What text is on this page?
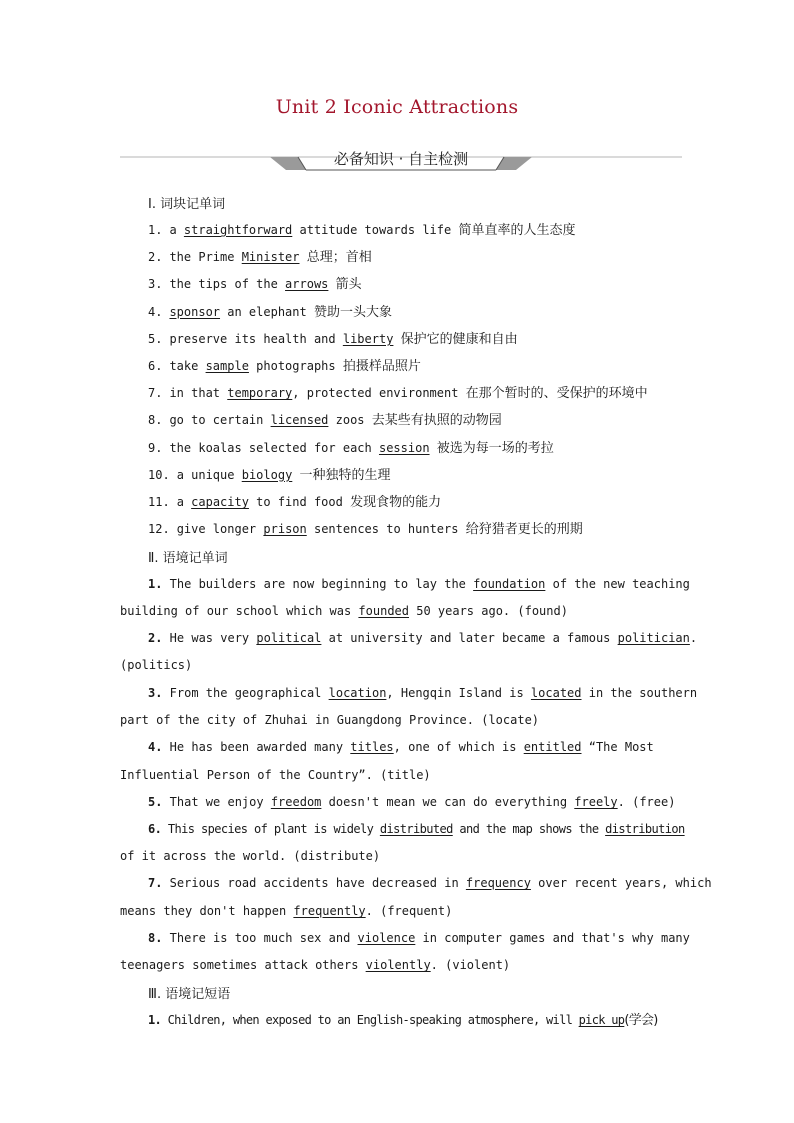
Unit 2 Iconic Attractions
必备知识 · 自主检测
Ⅰ. 词块记单词
1. a straightforward attitude towards life 简单直率的人生态度
2. the Prime Minister 总理；首相
3. the tips of the arrows 箭头
4. sponsor an elephant 赞助一头大象
5. preserve its health and liberty 保护它的健康和自由
6. take sample photographs 拍摄样品照片
7. in that temporary, protected environment 在那个暂时的、受保护的环境中
8. go to certain licensed zoos 去某些有执照的动物园
9. the koalas selected for each session 被选为每一场的考拉
10. a unique biology 一种独特的生理
11. a capacity to find food 发现食物的能力
12. give longer prison sentences to hunters 给狩猎者更长的刑期
Ⅱ. 语境记单词
1. The builders are now beginning to lay the foundation of the new teaching
building of our school which was founded 50 years ago. (found)
2. He was very political at university and later became a famous politician.
(politics)
3. From the geographical location, Hengqin Island is located in the southern
part of the city of Zhuhai in Guangdong Province. (locate)
4. He has been awarded many titles, one of which is entitled “The Most
Influential Person of the Country”. (title)
5. That we enjoy freedom doesn't mean we can do everything freely. (free)
6. This species of plant is widely distributed and the map shows the distribution
of it across the world. (distribute)
7. Serious road accidents have decreased in frequency over recent years, which
means they don't happen frequently. (frequent)
8. There is too much sex and violence in computer games and that's why many
teenagers sometimes attack others violently. (violent)
Ⅲ. 语境记短语
1. Children, when exposed to an English-speaking atmosphere, will pick up(学会)
